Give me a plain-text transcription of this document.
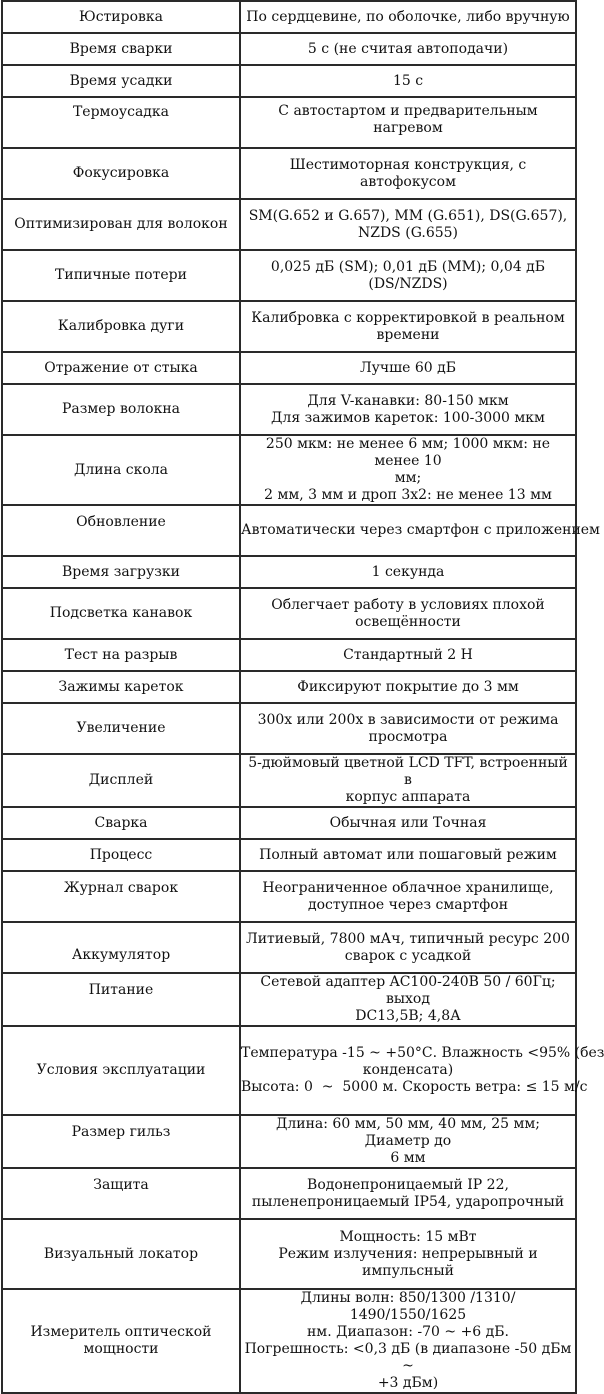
Юстировка	По сердцевине, по оболочке, либо вручную
Время сварки	5 с (не считая автоподачи)
Время усадки	15 с
Термоусадка	С автостартом и предварительным нагревом
Фокусировка	Шестимоторная конструкция, с автофокусом
Оптимизирован для волокон	SM(G.652 и G.657), MM (G.651), DS(G.657),
NZDS (G.655)
Типичные потери	0,025 дБ (SM); 0,01 дБ (MM); 0,04 дБ
(DS/NZDS)
Калибровка дуги	Калибровка с корректировкой в реальном
времени
Отражение от стыка	Лучше 60 дБ
Размер волокна	Для V-канавки: 80-150 мкм
Для зажимов кареток: 100-3000 мкм
Длина скола	250 мкм: не менее 6 мм; 1000 мкм: не менее 10
мм;
2 мм, 3 мм и дроп 3х2: не менее 13 мм
Обновление	Автоматически через смартфон с приложением
Время загрузки	1 секунда
Подсветка канавок	Облегчает работу в условиях плохой
освещённости
Тест на разрыв	Стандартный 2 Н
Зажимы кареток	Фиксируют покрытие до 3 мм
Увеличение	300х или 200х в зависимости от режима
просмотра
Дисплей	5-дюймовый цветной LCD TFT, встроенный в
корпус аппарата
Сварка	Обычная или Точная
Процесс	Полный автомат или пошаговый режим
Журнал сварок	Неограниченное облачное хранилище,
доступное через смартфон
Аккумулятор	Литиевый, 7800 мАч, типичный ресурс 200
сварок с усадкой
Питание	Сетевой адаптер AC100-240В 50 / 60Гц; выход
DC13,5В; 4,8А
Условия эксплуатации	Температура -15 ~ +50°С. Влажность <95% (без
конденсата)
Высота: 0  ~  5000 м. Скорость ветра: ≤ 15 м/с
Размер гильз	Длина: 60 мм, 50 мм, 40 мм, 25 мм; Диаметр до
6 мм
Защита	Водонепроницаемый IP 22,
пыленепроницаемый IP54, ударопрочный
Визуальный локатор	Мощность: 15 мВт
Режим излучения: непрерывный и
импульсный
Измеритель оптической
мощности	Длины волн: 850/1300 /1310/ 1490/1550/1625
нм. Диапазон: -70 ~ +6 дБ.
Погрешность: <0,3 дБ (в диапазоне -50 дБм ~
+3 дБм)
